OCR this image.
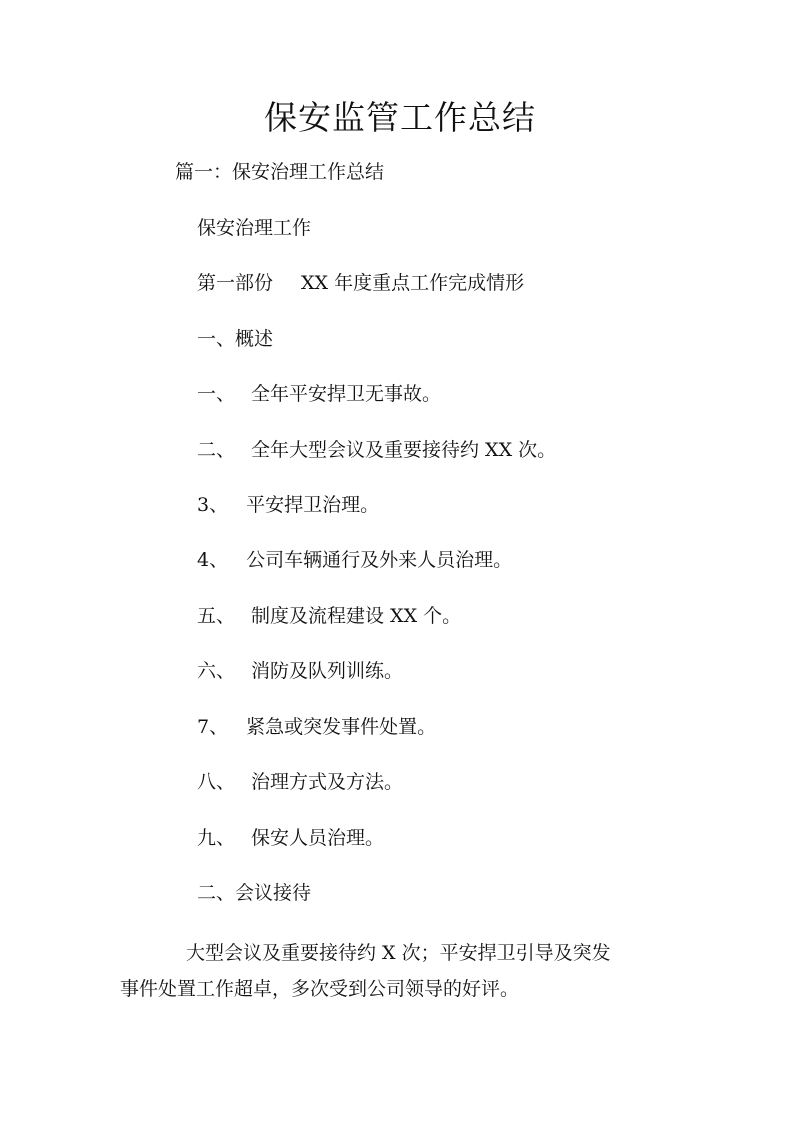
保安监管工作总结
篇一：保安治理工作总结
保安治理工作
第一部份 XX 年度重点工作完成情形
一、概述
一、 全年平安捍卫无事故。
二、 全年大型会议及重要接待约 XX 次。
3、 平安捍卫治理。
4、 公司车辆通行及外来人员治理。
五、 制度及流程建设 XX 个。
六、 消防及队列训练。
7、 紧急或突发事件处置。
八、 治理方式及方法。
九、 保安人员治理。
二、会议接待
大型会议及重要接待约 X 次；平安捍卫引导及突发
事件处置工作超卓，多次受到公司领导的好评。
